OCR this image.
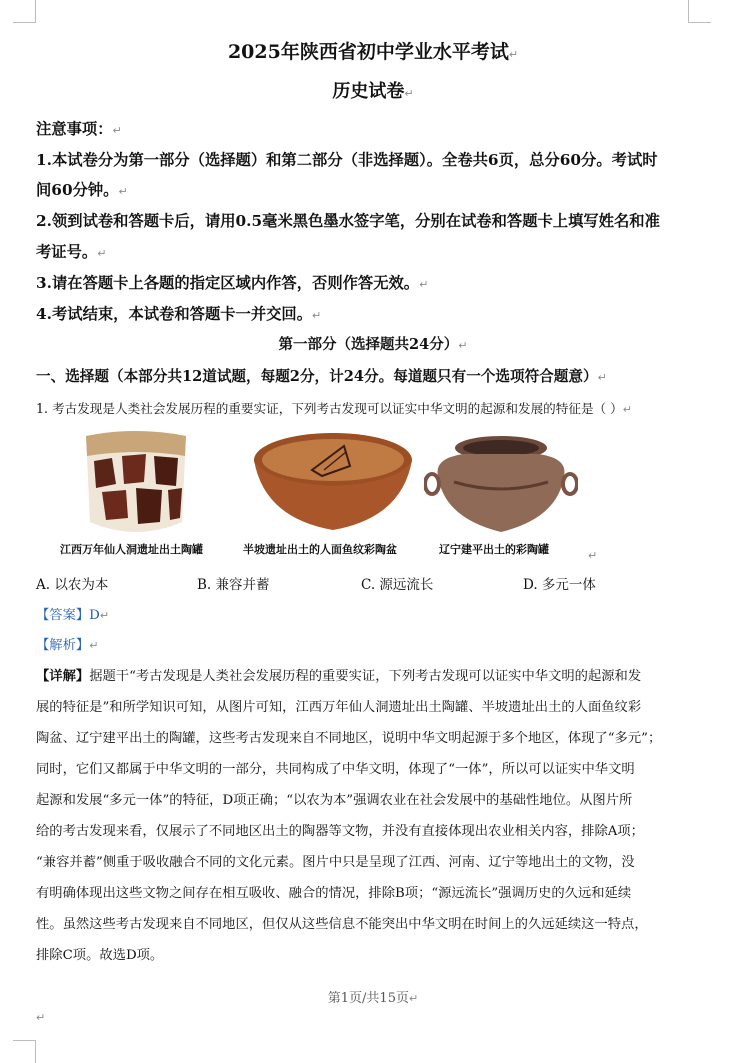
2025年陕西省初中学业水平考试↵
历史试卷↵
注意事项：↵
1.本试卷分为第一部分（选择题）和第二部分（非选择题）。全卷共6页，总分60分。考试时
间60分钟。↵
2.领到试卷和答题卡后，请用0.5毫米黑色墨水签字笔，分别在试卷和答题卡上填写姓名和准
考证号。↵
3.请在答题卡上各题的指定区域内作答，否则作答无效。↵
4.考试结束，本试卷和答题卡一并交回。↵
第一部分（选择题共24分）↵
一、选择题（本部分共12道试题，每题2分，计24分。每道题只有一个选项符合题意）↵
1. 考古发现是人类社会发展历程的重要实证，下列考古发现可以证实中华文明的起源和发展的特征是（ ）↵
江西万年仙人洞遗址出土陶罐	半坡遗址出土的人面鱼纹彩陶盆	辽宁建平出土的彩陶罐	↵
A. 以农为本	B. 兼容并蓄	C. 源远流长	D. 多元一体
【答案】D↵
【解析】↵
【详解】据题干“考古发现是人类社会发展历程的重要实证，下列考古发现可以证实中华文明的起源和发
展的特征是”和所学知识可知，从图片可知，江西万年仙人洞遗址出土陶罐、半坡遗址出土的人面鱼纹彩
陶盆、辽宁建平出土的陶罐，这些考古发现来自不同地区，说明中华文明起源于多个地区，体现了“多元”；
同时，它们又都属于中华文明的一部分，共同构成了中华文明，体现了“一体”，所以可以证实中华文明
起源和发展“多元一体”的特征，D项正确；“以农为本”强调农业在社会发展中的基础性地位。从图片所
给的考古发现来看，仅展示了不同地区出土的陶器等文物，并没有直接体现出农业相关内容，排除A项；
“兼容并蓄”侧重于吸收融合不同的文化元素。图片中只是呈现了江西、河南、辽宁等地出土的文物，没
有明确体现出这些文物之间存在相互吸收、融合的情况，排除B项；“源远流长”强调历史的久远和延续
性。虽然这些考古发现来自不同地区，但仅从这些信息不能突出中华文明在时间上的久远延续这一特点，
排除C项。故选D项。
第1页/共15页↵
↵
